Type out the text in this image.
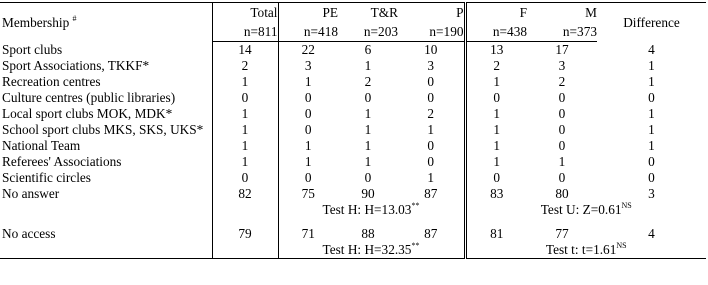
Membership #	Total	PE	T&R	P	F	M	Difference
	n=811	n=418	n=203	n=190	n=438	n=373	
Sport clubs	14	22	6	10	13	17	4
Sport Associations, TKKF*	2	3	1	3	2	3	1
Recreation centres	1	1	2	0	1	2	1
Culture centres (public libraries)	0	0	0	0	0	0	0
Local sport clubs MOK, MDK*	1	0	1	2	1	0	1
School sport clubs MKS, SKS, UKS*	1	0	1	1	1	0	1
National Team	1	1	1	0	1	0	1
Referees' Associations	1	1	1	0	1	1	0
Scientific circles	0	0	0	1	0	0	0
No answer	82	75	90	87	83	80	3
		Test H: H=13.03**			Test U: $Z=0.61^{NS}$

No access	79	71	88	87	81	77	4
		Test H: H=32.35**			Test t: $t=1.61^{NS}$
